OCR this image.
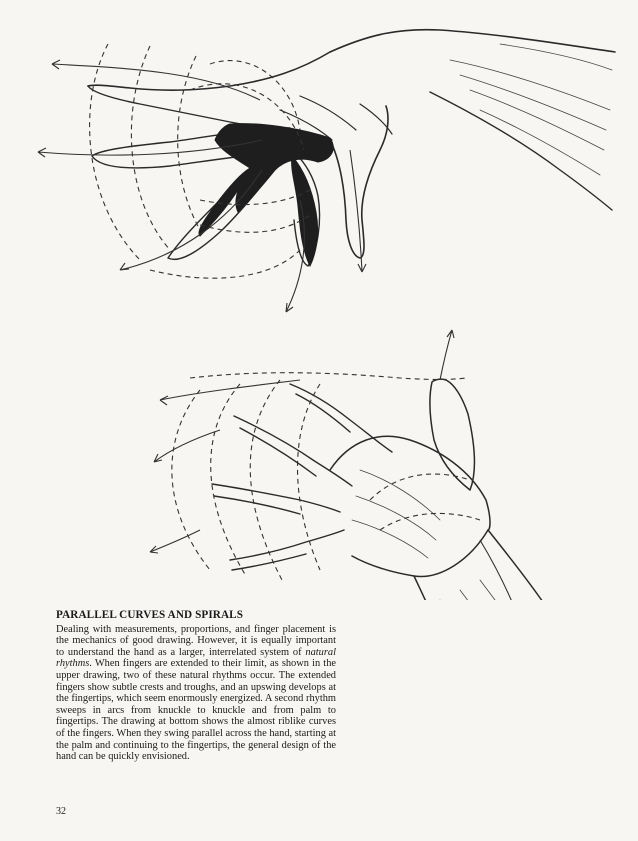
PARALLEL CURVES AND SPIRALS

Dealing with measurements, proportions, and finger placement is the mechanics of good drawing. However, it is equally important to understand the hand as a larger, interrelated system of natural rhythms. When fingers are extended to their limit, as shown in the upper drawing, two of these natural rhythms occur. The extended fingers show subtle crests and troughs, and an upswing develops at the fingertips, which seem enormously energized. A second rhythm sweeps in arcs from knuckle to knuckle and from palm to fingertips. The drawing at bottom shows the almost riblike curves of the fingers. When they swing parallel across the hand, starting at the palm and continuing to the fingertips, the general design of the hand can be quickly envisioned.

32
